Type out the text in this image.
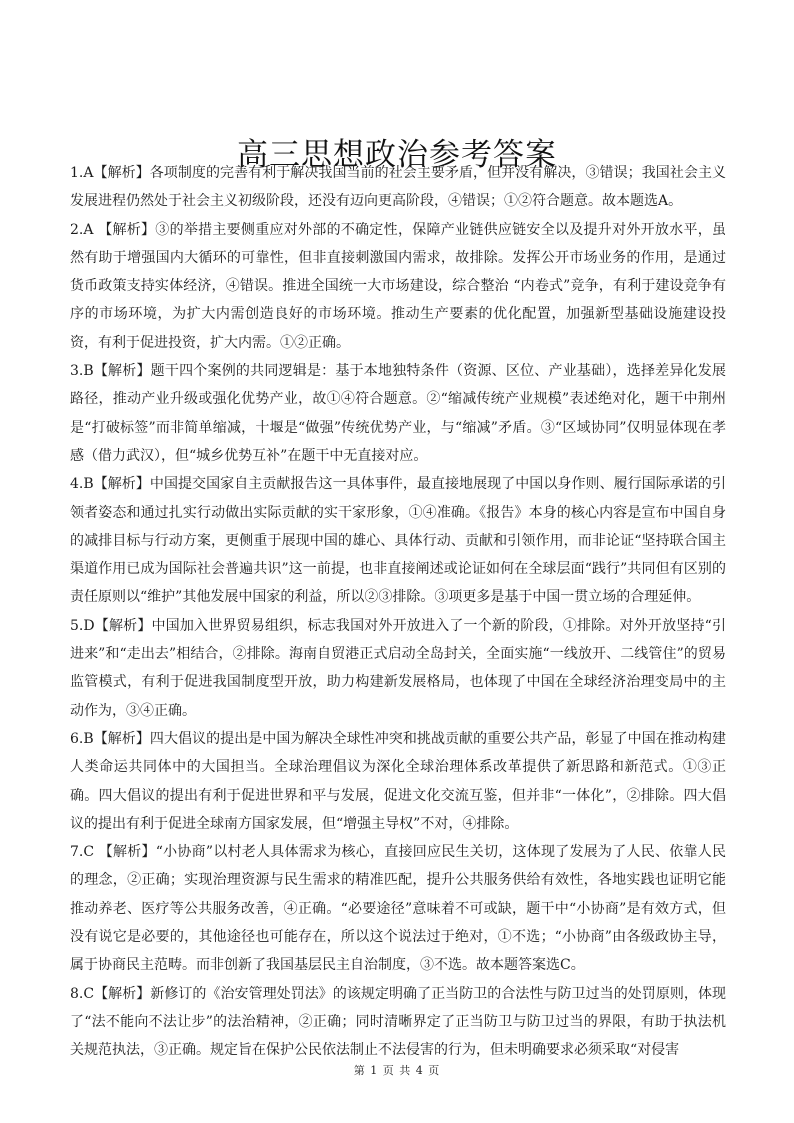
高三思想政治参考答案

1.A【解析】各项制度的完善有利于解决我国当前的社会主要矛盾，但并没有解决，③错误；我国社会主义发展进程仍然处于社会主义初级阶段，还没有迈向更高阶段，④错误；①②符合题意。故本题选A。

2.A 【解析】③的举措主要侧重应对外部的不确定性，保障产业链供应链安全以及提升对外开放水平，虽然有助于增强国内大循环的可靠性，但非直接刺激国内需求，故排除。发挥公开市场业务的作用，是通过货币政策支持实体经济，④错误。推进全国统一大市场建设，综合整治 “内卷式”竞争，有利于建设竞争有序的市场环境，为扩大内需创造良好的市场环境。推动生产要素的优化配置，加强新型基础设施建设投资，有利于促进投资，扩大内需。①②正确。

3.B【解析】题干四个案例的共同逻辑是：基于本地独特条件（资源、区位、产业基础），选择差异化发展路径，推动产业升级或强化优势产业，故①④符合题意。②“缩减传统产业规模”表述绝对化，题干中荆州是“打破标签”而非简单缩减，十堰是“做强”传统优势产业，与“缩减”矛盾。③“区域协同”仅明显体现在孝感（借力武汉），但“城乡优势互补”在题干中无直接对应。

4.B【解析】中国提交国家自主贡献报告这一具体事件，最直接地展现了中国以身作则、履行国际承诺的引领者姿态和通过扎实行动做出实际贡献的实干家形象，①④准确。《报告》本身的核心内容是宣布中国自身的减排目标与行动方案，更侧重于展现中国的雄心、具体行动、贡献和引领作用，而非论证“坚持联合国主渠道作用已成为国际社会普遍共识”这一前提，也非直接阐述或论证如何在全球层面“践行”共同但有区别的责任原则以“维护”其他发展中国家的利益，所以②③排除。③项更多是基于中国一贯立场的合理延伸。

5.D【解析】中国加入世界贸易组织，标志我国对外开放进入了一个新的阶段，①排除。对外开放坚持“引进来”和“走出去”相结合，②排除。海南自贸港正式启动全岛封关，全面实施“一线放开、二线管住”的贸易监管模式，有利于促进我国制度型开放，助力构建新发展格局，也体现了中国在全球经济治理变局中的主动作为，③④正确。

6.B【解析】四大倡议的提出是中国为解决全球性冲突和挑战贡献的重要公共产品，彰显了中国在推动构建人类命运共同体中的大国担当。全球治理倡议为深化全球治理体系改革提供了新思路和新范式。①③正确。四大倡议的提出有利于促进世界和平与发展，促进文化交流互鉴，但并非“一体化”，②排除。四大倡议的提出有利于促进全球南方国家发展，但“增强主导权”不对，④排除。

7.C 【解析】“小协商”以村老人具体需求为核心，直接回应民生关切，这体现了发展为了人民、依靠人民的理念，②正确；实现治理资源与民生需求的精准匹配，提升公共服务供给有效性，各地实践也证明它能推动养老、医疗等公共服务改善，④正确。“必要途径”意味着不可或缺，题干中“小协商”是有效方式，但没有说它是必要的，其他途径也可能存在，所以这个说法过于绝对，①不选；“小协商”由各级政协主导，属于协商民主范畴。而非创新了我国基层民主自治制度，③不选。故本题答案选C。

8.C【解析】新修订的《治安管理处罚法》的该规定明确了正当防卫的合法性与防卫过当的处罚原则，体现了“法不能向不法让步”的法治精神，②正确；同时清晰界定了正当防卫与防卫过当的界限，有助于执法机关规范执法，③正确。规定旨在保护公民依法制止不法侵害的行为，但未明确要求必须采取“对侵害

第 1 页 共 4 页
